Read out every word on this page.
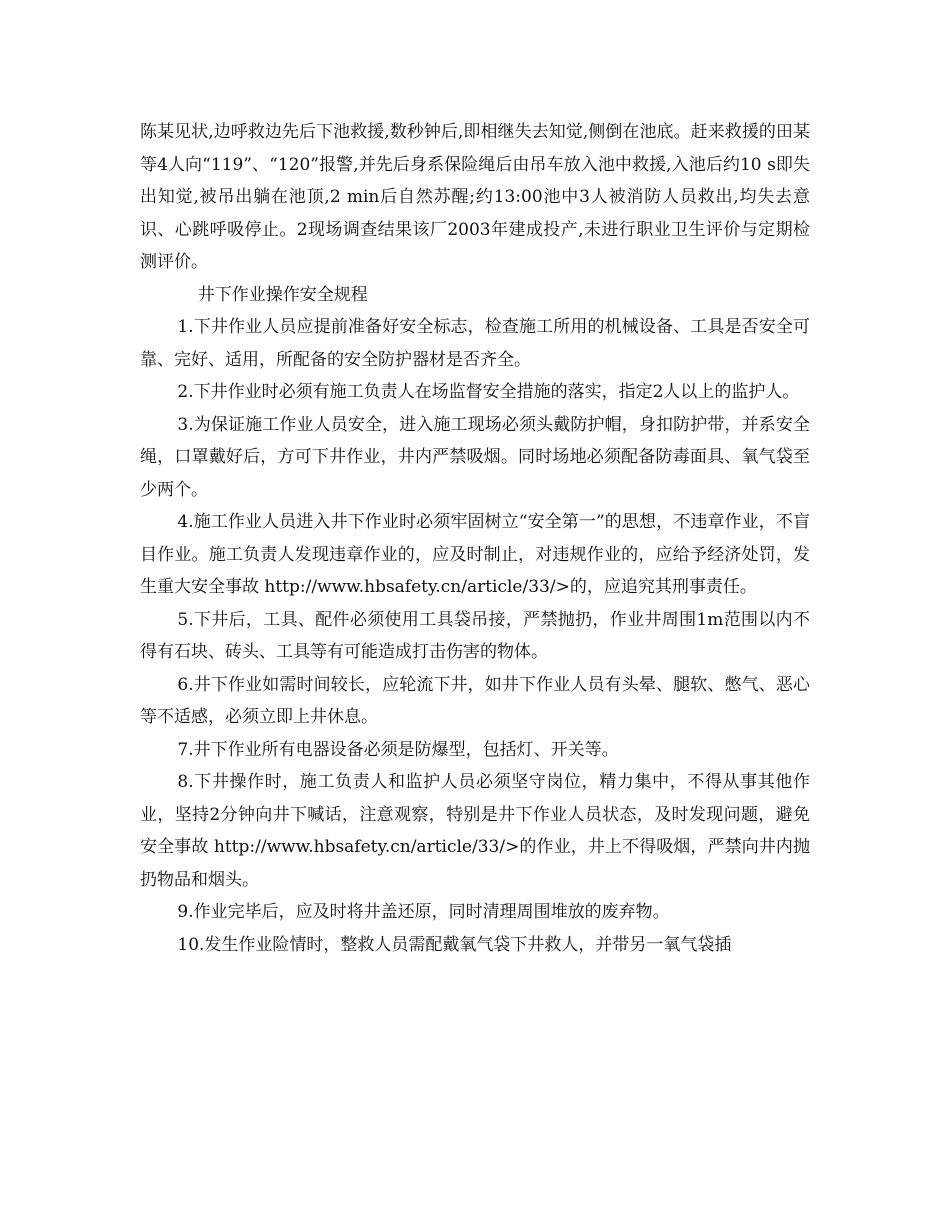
陈某见状,边呼救边先后下池救援,数秒钟后,即相继失去知觉,侧倒在池底。赶来救援的田某等4人向“119”、“120”报警,并先后身系保险绳后由吊车放入池中救援,入池后约10 s即失出知觉,被吊出躺在池顶,2 min后自然苏醒;约13:00池中3人被消防人员救出,均失去意识、心跳呼吸停止。2现场调查结果该厂2003年建成投产,未进行职业卫生评价与定期检测评价。

井下作业操作安全规程

1.下井作业人员应提前准备好安全标志，检查施工所用的机械设备、工具是否安全可靠、完好、适用，所配备的安全防护器材是否齐全。

2.下井作业时必须有施工负责人在场监督安全措施的落实，指定2人以上的监护人。

3.为保证施工作业人员安全，进入施工现场必须头戴防护帽，身扣防护带，并系安全绳，口罩戴好后，方可下井作业，井内严禁吸烟。同时场地必须配备防毒面具、氧气袋至少两个。

4.施工作业人员进入井下作业时必须牢固树立“安全第一”的思想，不违章作业，不盲目作业。施工负责人发现违章作业的，应及时制止，对违规作业的，应给予经济处罚，发生重大安全事故 http://www.hbsafety.cn/article/33/>的，应追究其刑事责任。

5.下井后，工具、配件必须使用工具袋吊接，严禁抛扔，作业井周围1m范围以内不得有石块、砖头、工具等有可能造成打击伤害的物体。

6.井下作业如需时间较长，应轮流下井，如井下作业人员有头晕、腿软、憋气、恶心等不适感，必须立即上井休息。

7.井下作业所有电器设备必须是防爆型，包括灯、开关等。

8.下井操作时，施工负责人和监护人员必须坚守岗位，精力集中，不得从事其他作业，坚持2分钟向井下喊话，注意观察，特别是井下作业人员状态，及时发现问题，避免安全事故 http://www.hbsafety.cn/article/33/>的作业，井上不得吸烟，严禁向井内抛扔物品和烟头。

9.作业完毕后，应及时将井盖还原，同时清理周围堆放的废弃物。

10.发生作业险情时，整救人员需配戴氧气袋下井救人，并带另一氧气袋插
